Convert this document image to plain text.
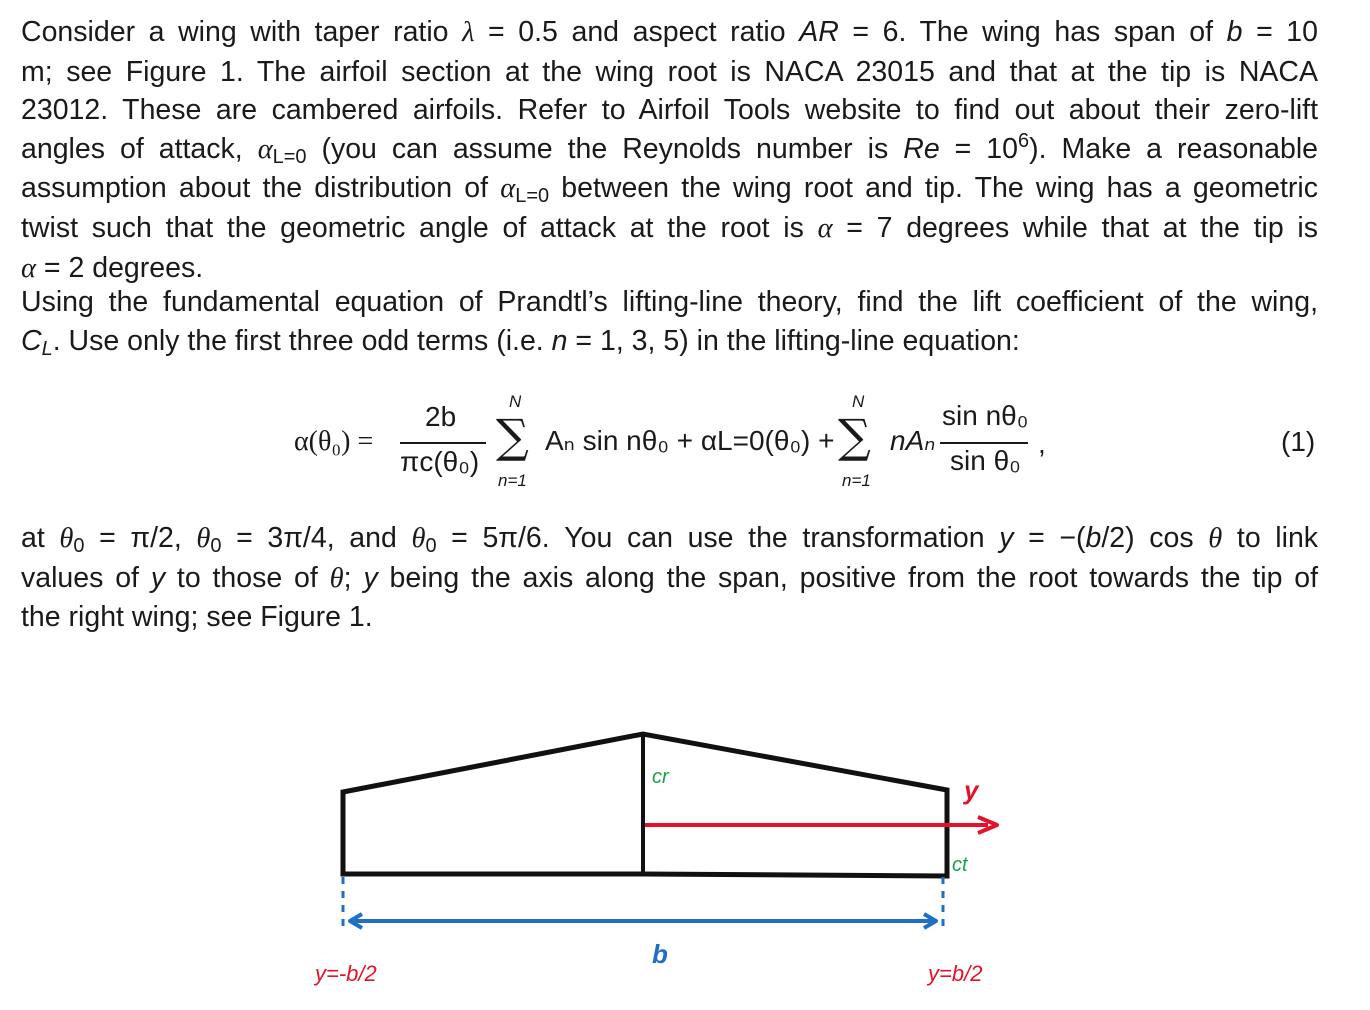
Consider a wing with taper ratio λ = 0.5 and aspect ratio AR = 6. The wing has span of b = 10
m; see Figure 1. The airfoil section at the wing root is NACA 23015 and that at the tip is NACA
23012. These are cambered airfoils. Refer to Airfoil Tools website to find out about their zero-lift
angles of attack, $\alpha_{L=0}$ (you can assume the Reynolds number is $Re = 10^6$). Make a reasonable
assumption about the distribution of $\alpha_{L=0}$ between the wing root and tip. The wing has a geometric
twist such that the geometric angle of attack at the root is α = 7 degrees while that at the tip is
α = 2 degrees.
Using the fundamental equation of Prandtl’s lifting-line theory, find the lift coefficient of the wing,
$C_L$. Use only the first three odd terms (i.e. n = 1, 3, 5) in the lifting-line equation:
α(θ₀) =
2b
πc(θ₀)
N
∑
n=1
Aₙ sin nθ₀ + αL=0(θ₀) +
N
∑
n=1
nAₙ
sin nθ₀
sin θ₀
,	(1)
at $\theta_0 = \pi/2$, $\theta_0 = 3\pi/4$, and $\theta_0 = 5\pi/6$. You can use the transformation y = −(b/2) cos θ to link
values of y to those of θ; y being the axis along the span, positive from the root towards the tip of
the right wing; see Figure 1.
cr
ct
y
b
y=-b/2	y=b/2
